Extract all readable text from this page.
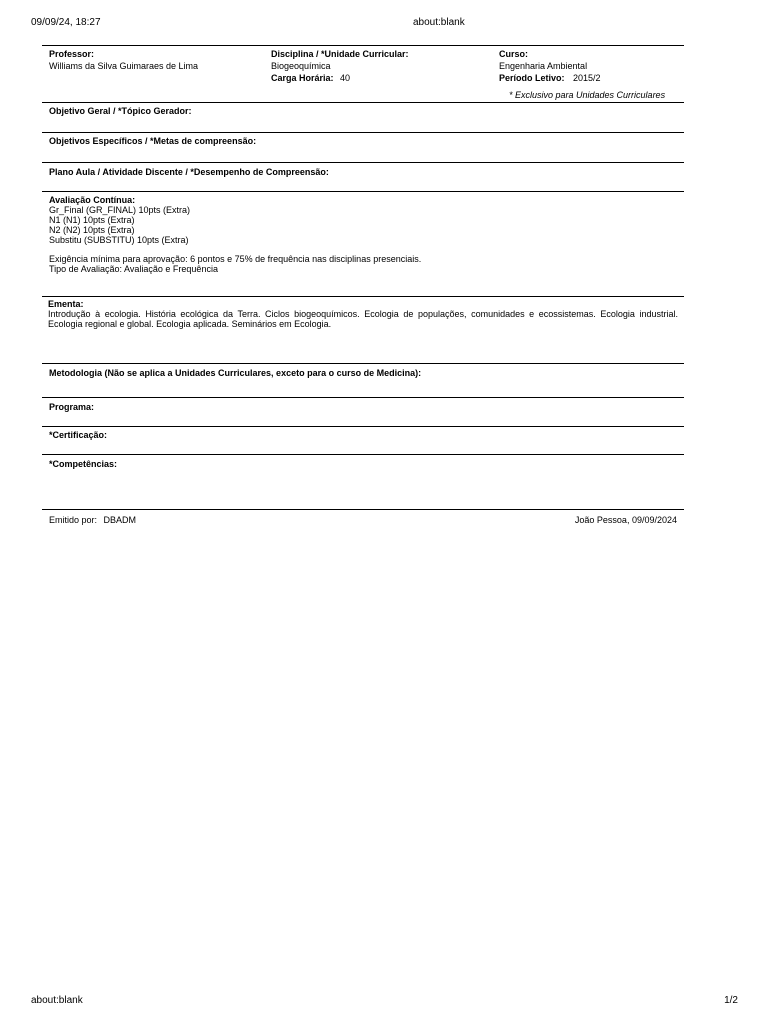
09/09/24, 18:27	about:blank
Professor:
Williams da Silva Guimaraes de Lima
Disciplina / *Unidade Curricular:
Biogeoquímica
Carga Horária: 40
Curso:
Engenharia Ambiental
Período Letivo: 2015/2
* Exclusivo para Unidades Curriculares
Objetivo Geral / *Tópico Gerador:
Objetivos Específicos / *Metas de compreensão:
Plano Aula / Atividade Discente / *Desempenho de Compreensão:
Avaliação Contínua:
Gr_Final (GR_FINAL) 10pts (Extra)
N1 (N1) 10pts (Extra)
N2 (N2) 10pts (Extra)
Substitu (SUBSTITU) 10pts (Extra)
Exigência mínima para aprovação: 6 pontos e 75% de frequência nas disciplinas presenciais.
Tipo de Avaliação: Avaliação e Frequência
Ementa:
Introdução à ecologia. História ecológica da Terra. Ciclos biogeoquímicos. Ecologia de populações, comunidades e ecossistemas. Ecologia industrial.
Ecologia regional e global. Ecologia aplicada. Seminários em Ecologia.
Metodologia (Não se aplica a Unidades Curriculares, exceto para o curso de Medicina):
Programa:
*Certificação:
*Competências:
Emitido por: DBADM	João Pessoa, 09/09/2024
about:blank	1/2
